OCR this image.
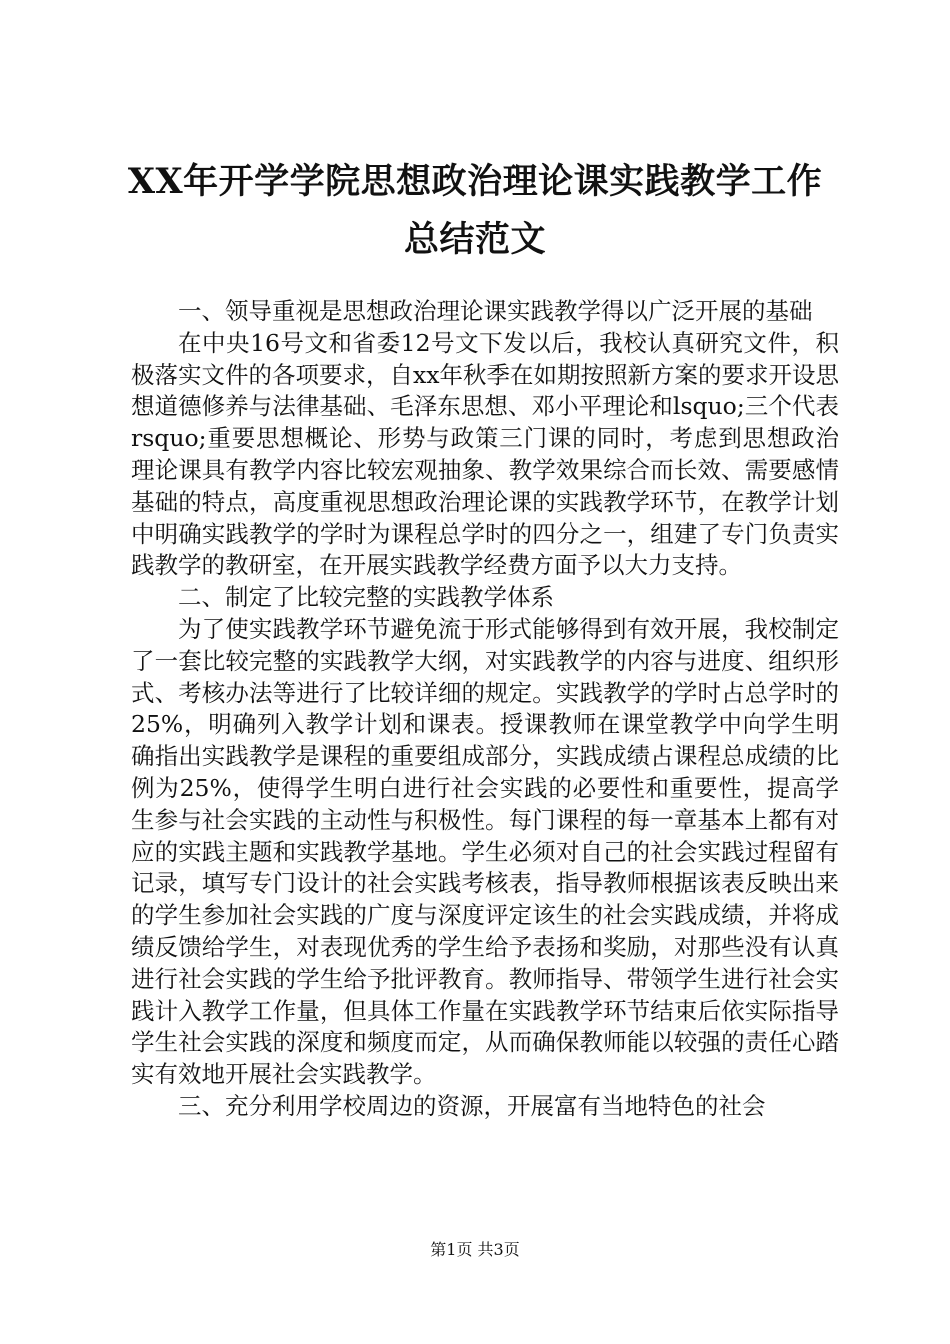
XX年开学学院思想政治理论课实践教学工作
总结范文

一、领导重视是思想政治理论课实践教学得以广泛开展的基础

在中央16号文和省委12号文下发以后，我校认真研究文件，积极落实文件的各项要求，自xx年秋季在如期按照新方案的要求开设思想道德修养与法律基础、毛泽东思想、邓小平理论和lsquo;三个代表rsquo;重要思想概论、形势与政策三门课的同时，考虑到思想政治理论课具有教学内容比较宏观抽象、教学效果综合而长效、需要感情基础的特点，高度重视思想政治理论课的实践教学环节，在教学计划中明确实践教学的学时为课程总学时的四分之一，组建了专门负责实践教学的教研室，在开展实践教学经费方面予以大力支持。

二、制定了比较完整的实践教学体系

为了使实践教学环节避免流于形式能够得到有效开展，我校制定了一套比较完整的实践教学大纲，对实践教学的内容与进度、组织形式、考核办法等进行了比较详细的规定。实践教学的学时占总学时的25%，明确列入教学计划和课表。授课教师在课堂教学中向学生明确指出实践教学是课程的重要组成部分，实践成绩占课程总成绩的比例为25%，使得学生明白进行社会实践的必要性和重要性，提高学生参与社会实践的主动性与积极性。每门课程的每一章基本上都有对应的实践主题和实践教学基地。学生必须对自己的社会实践过程留有记录，填写专门设计的社会实践考核表，指导教师根据该表反映出来的学生参加社会实践的广度与深度评定该生的社会实践成绩，并将成绩反馈给学生，对表现优秀的学生给予表扬和奖励，对那些没有认真进行社会实践的学生给予批评教育。教师指导、带领学生进行社会实践计入教学工作量，但具体工作量在实践教学环节结束后依实际指导学生社会实践的深度和频度而定，从而确保教师能以较强的责任心踏实有效地开展社会实践教学。

三、充分利用学校周边的资源，开展富有当地特色的社会

第1页 共3页
